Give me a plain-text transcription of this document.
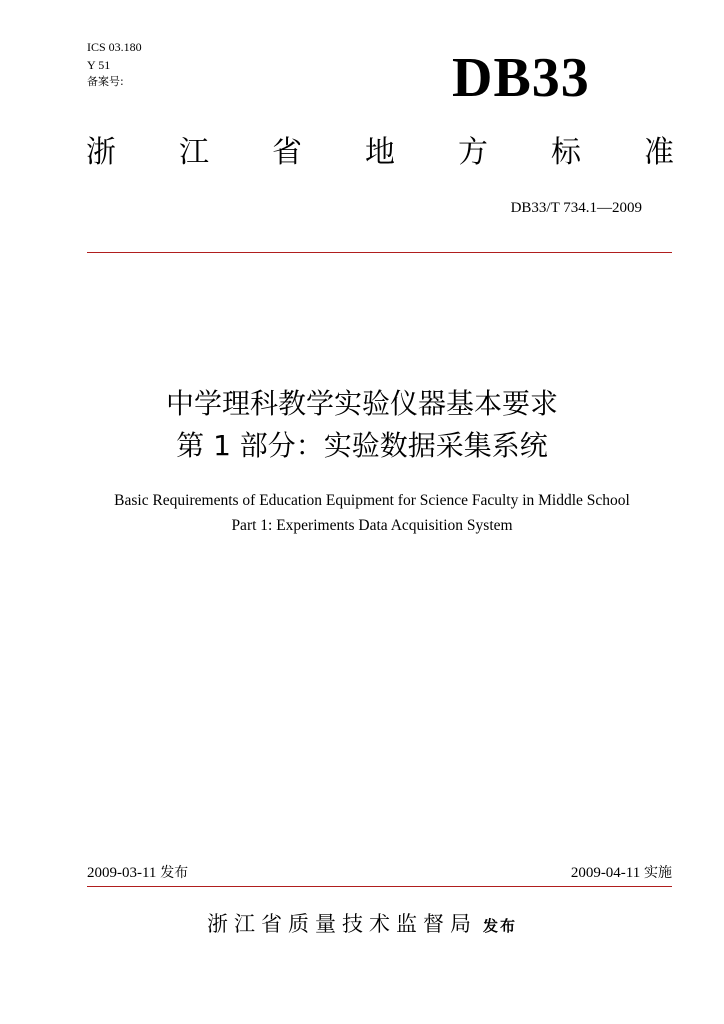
ICS 03.180
Y 51
备案号:	DB33
浙 江 省 地 方 标 准
DB33/T 734.1—2009
中学理科教学实验仪器基本要求
第 1 部分：实验数据采集系统
Basic Requirements of Education Equipment for Science Faculty in Middle School
Part 1: Experiments Data Acquisition System
2009-03-11 发布	2009-04-11 实施
浙江省质量技术监督局 发布
